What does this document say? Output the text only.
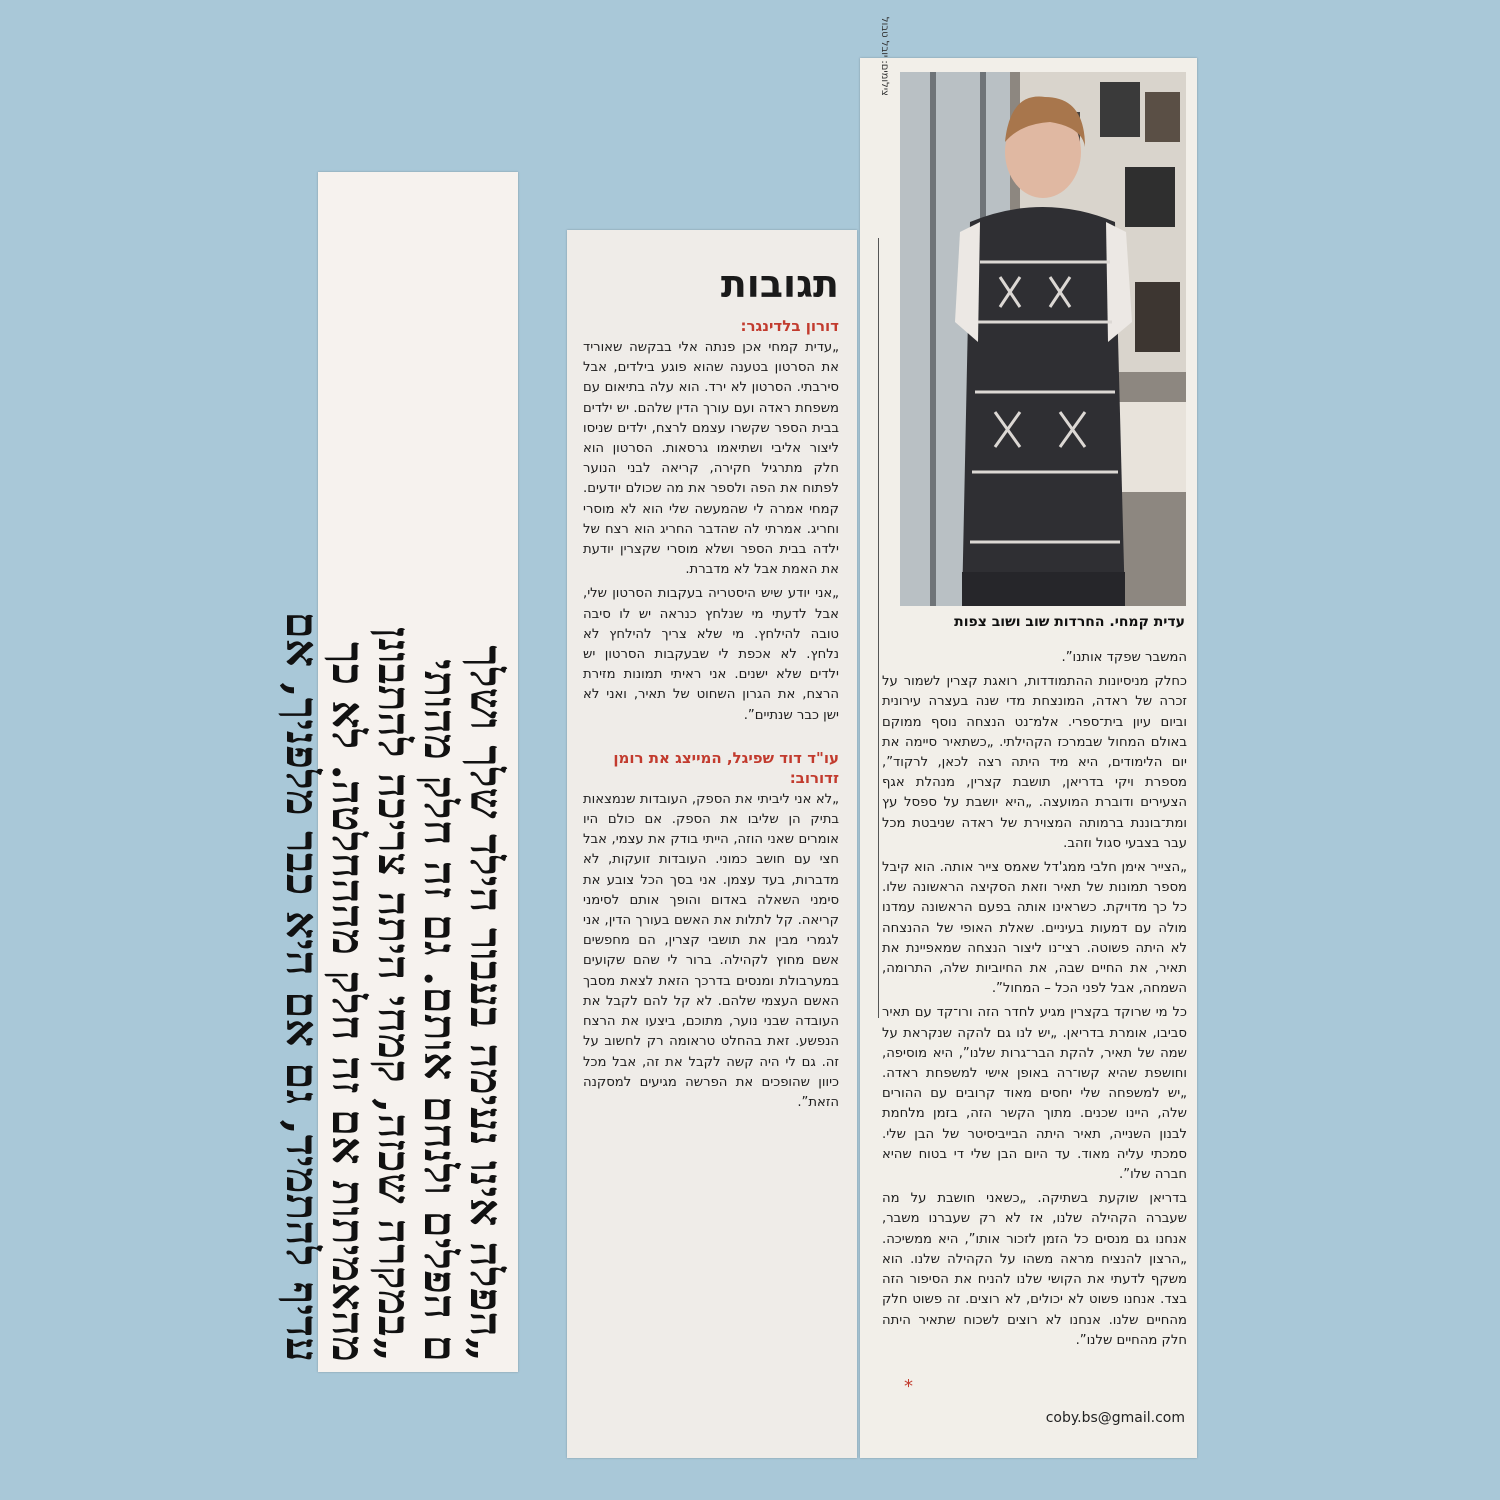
„הפלה אינו נעימה בעבור הילד שלך ושלך

ם הפלים ולנחם אותם. גם זה חלק מהותי

„במקרה שכזה, קמחי היתה צריכה להתבונן

מהאמיתות אם זה חלק מההחלטה. לא כך

עדיף להתמיד, גם אם היא כבר מלפניך, אם

תגובות
דורון בלדינגר:

„עדית קמחי אכן פנתה אלי בבקשה שאוריד את הסרטון בטענה שהוא פוגע בילדים, אבל סירבתי. הסרטון לא ירד. הוא עלה בתיאום עם משפחת ראדה ועם עורך הדין שלהם. יש ילדים בבית הספר שקשרו עצמם לרצח, ילדים שניסו ליצור אליבי ושתיאמו גרסאות. הסרטון הוא חלק מתרגיל חקירה, קריאה לבני הנוער לפתוח את הפה ולספר את מה שכולם יודעים. קמחי אמרה לי שהמעשה שלי הוא לא מוסרי וחריג. אמרתי לה שהדבר החריג הוא רצח של ילדה בבית הספר ושלא מוסרי שקצרין יודעת את האמת אבל לא מדברת.

„אני יודע שיש היסטריה בעקבות הסרטון שלי, אבל לדעתי מי שנלחץ כנראה יש לו סיבה טובה להילחץ. מי שלא צריך להילחץ לא נלחץ. לא אכפת לי שבעקבות הסרטון יש ילדים שלא ישנים. אני ראיתי תמונות מזירת הרצח, את הגרון השחוט של תאיר, ואני לא ישן כבר שנתיים”.

עו"ד דוד שפיגל, המייצג את רומן זדורוב:

„לא אני ליביתי את הספק, העובדות שנמצאות בתיק הן שליבו את הספק. אם כולם היו אומרים שאני הוזה, הייתי בודק את עצמי, אבל חצי עם חושב כמוני. העובדות זועקות, לא מדברות, בעד עצמן. אני בסך הכל צובע את סימני השאלה באדום והופך אותם לסימני קריאה. קל לתלות את האשם בעורך הדין, אני לגמרי מבין את תושבי קצרין, הם מחפשים אשם מחוץ לקהילה. ברור לי שהם שקועים במערבולת ומנסים בדרכך הזאת לצאת מסבך האשם העצמי שלהם. לא קל להם לקבל את העובדה שבני נוער, מתוכם, ביצעו את הרצח הנפשע. זאת בהחלט טראומה רק לחשוב על זה. גם לי היה קשה לקבל את זה, אבל מכל כיוון שהופכים את הפרשה מגיעים למסקנה הזאת”.

צילומים: יובל טבול
עדית קמחי. החרדות שוב ושוב צפות

המשבר שפקד אותנו”.

כחלק מניסיונות ההתמודדות, רואגת קצרין לשמור על זכרה של ראדה, המונצחת מדי שנה בעצרה עירונית וביום עיון בית־ספרי. אלמ־נט הנצחה נוסף ממוקם באולם המחול שבמרכז הקהילתי. „כשתאיר סיימה את יום הלימודים, היא מיד היתה רצה לכאן, לרקוד”, מספרת ויקי בדריאן, תושבת קצרין, מנהלת אגף הצעירים ודוברת המועצה. „היא יושבת על ספסל עץ ומת־בוננת ברמותה המצוירת של ראדה שניבטת מכל עבר בצבעי סגול וזהב.

„הצייר אימן חלבי ממג'דל שאמס צייר אותה. הוא קיבל מספר תמונות של תאיר וזאת הסקיצה הראשונה שלו. כל כך מדויקת. כשראינו אותה בפעם הראשונה עמדנו מולה עם דמעות בעיניים. שאלת האופי של ההנצחה לא היתה פשוטה. רצי־נו ליצור הנצחה שמאפיינת את תאיר, את החיים שבה, את החיוביות שלה, התרומה, השמחה, אבל לפני הכל – המחול”.

כל מי שרוקד בקצרין מגיע לחדר הזה ורו־קד עם תאיר סביבו, אומרת בדריאן. „יש לנו גם להקה שנקראת על שמה של תאיר, להקת הבר־גרות שלנו”, היא מוסיפה, וחושפת שהיא קשו־רה באופן אישי למשפחת ראדה. „יש למשפחה שלי יחסים מאוד קרובים עם ההורים שלה, היינו שכנים. מתוך הקשר הזה, בזמן מלחמת לבנון השנייה, תאיר היתה הבייביסיטר של הבן שלי. סמכתי עליה מאוד. עד היום הבן שלי די בטוח שהיא חברה שלו”.

בדריאן שוקעת בשתיקה. „כשאני חושבת על מה שעברה הקהילה שלנו, אז לא רק שעברנו משבר, אנחנו גם מנסים כל הזמן לזכור אותו”, היא ממשיכה. „הרצון להנציח מראה משהו על הקהילה שלנו. הוא משקף לדעתי את הקושי שלנו להניח את הסיפור הזה בצד. אנחנו פשוט לא יכולים, לא רוצים. זה פשוט חלק מהחיים שלנו. אנחנו לא רוצים לשכוח שתאיר היתה חלק מהחיים שלנו”.

*
coby.bs@gmail.com
